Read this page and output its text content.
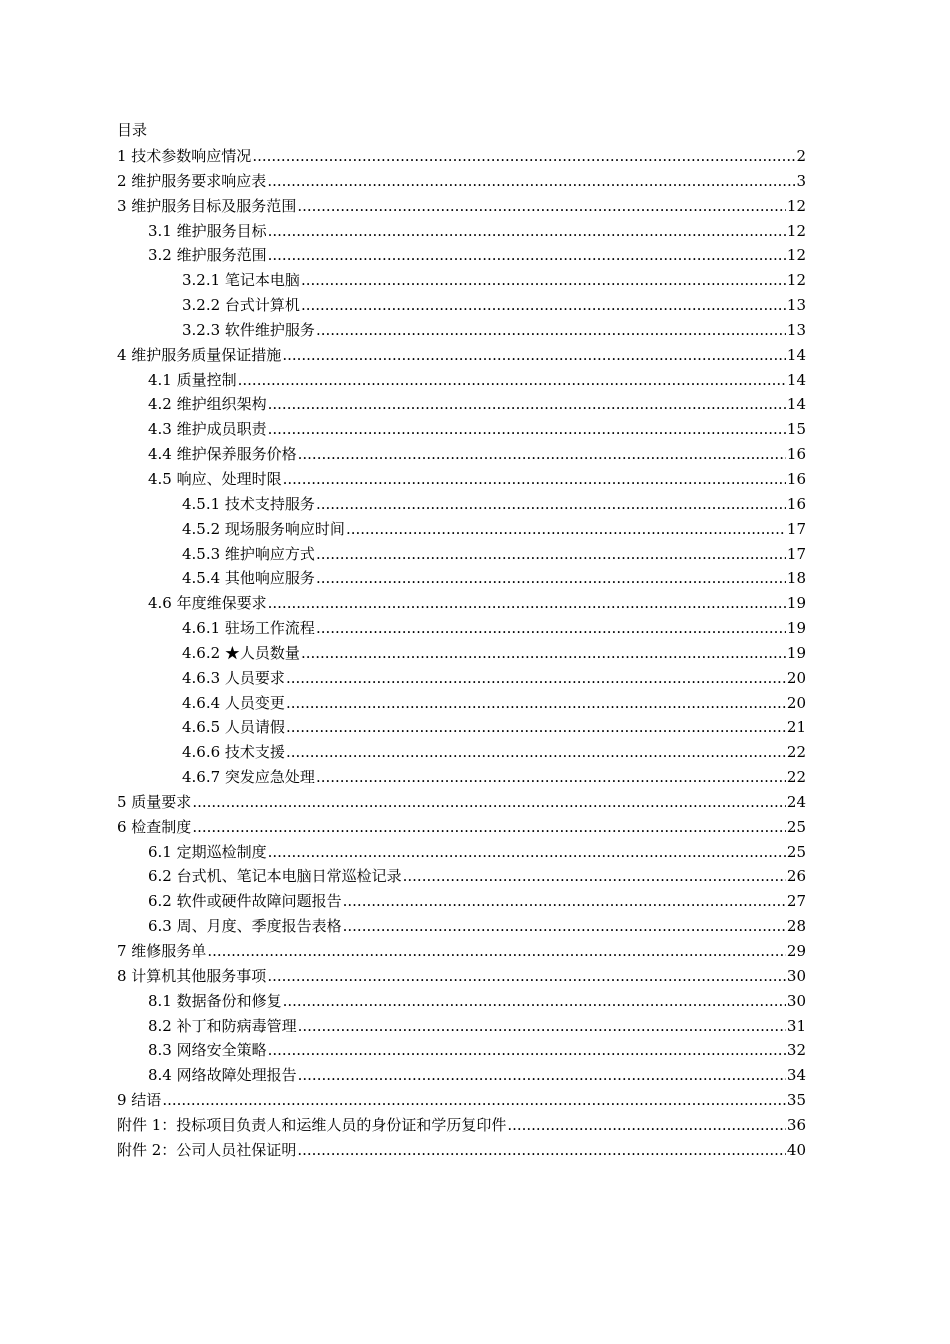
目录
1 技术参数响应情况 .....	2
2 维护服务要求响应表 .....	3
3 维护服务目标及服务范围 .....	12
3.1 维护服务目标 .....	12
3.2 维护服务范围 .....	12
3.2.1 笔记本电脑 .....	12
3.2.2 台式计算机 .....	13
3.2.3 软件维护服务 .....	13
4 维护服务质量保证措施 .....	14
4.1 质量控制 .....	14
4.2 维护组织架构 .....	14
4.3 维护成员职责 .....	15
4.4 维护保养服务价格 .....	16
4.5 响应、处理时限 .....	16
4.5.1 技术支持服务 .....	16
4.5.2 现场服务响应时间 .....	17
4.5.3 维护响应方式 .....	17
4.5.4 其他响应服务 .....	18
4.6 年度维保要求 .....	19
4.6.1 驻场工作流程 .....	19
4.6.2 ★人员数量 .....	19
4.6.3 人员要求 .....	20
4.6.4 人员变更 .....	20
4.6.5 人员请假 .....	21
4.6.6 技术支援 .....	22
4.6.7 突发应急处理 .....	22
5 质量要求 .....	24
6 检查制度 .....	25
6.1 定期巡检制度 .....	25
6.2 台式机、笔记本电脑日常巡检记录 .....	26
6.2 软件或硬件故障问题报告 .....	27
6.3 周、月度、季度报告表格 .....	28
7 维修服务单 .....	29
8 计算机其他服务事项 .....	30
8.1 数据备份和修复 .....	30
8.2 补丁和防病毒管理 .....	31
8.3 网络安全策略 .....	32
8.4 网络故障处理报告 .....	34
9 结语 .....	35
附件 1：投标项目负责人和运维人员的身份证和学历复印件 .....	36
附件 2：公司人员社保证明 .....	40
